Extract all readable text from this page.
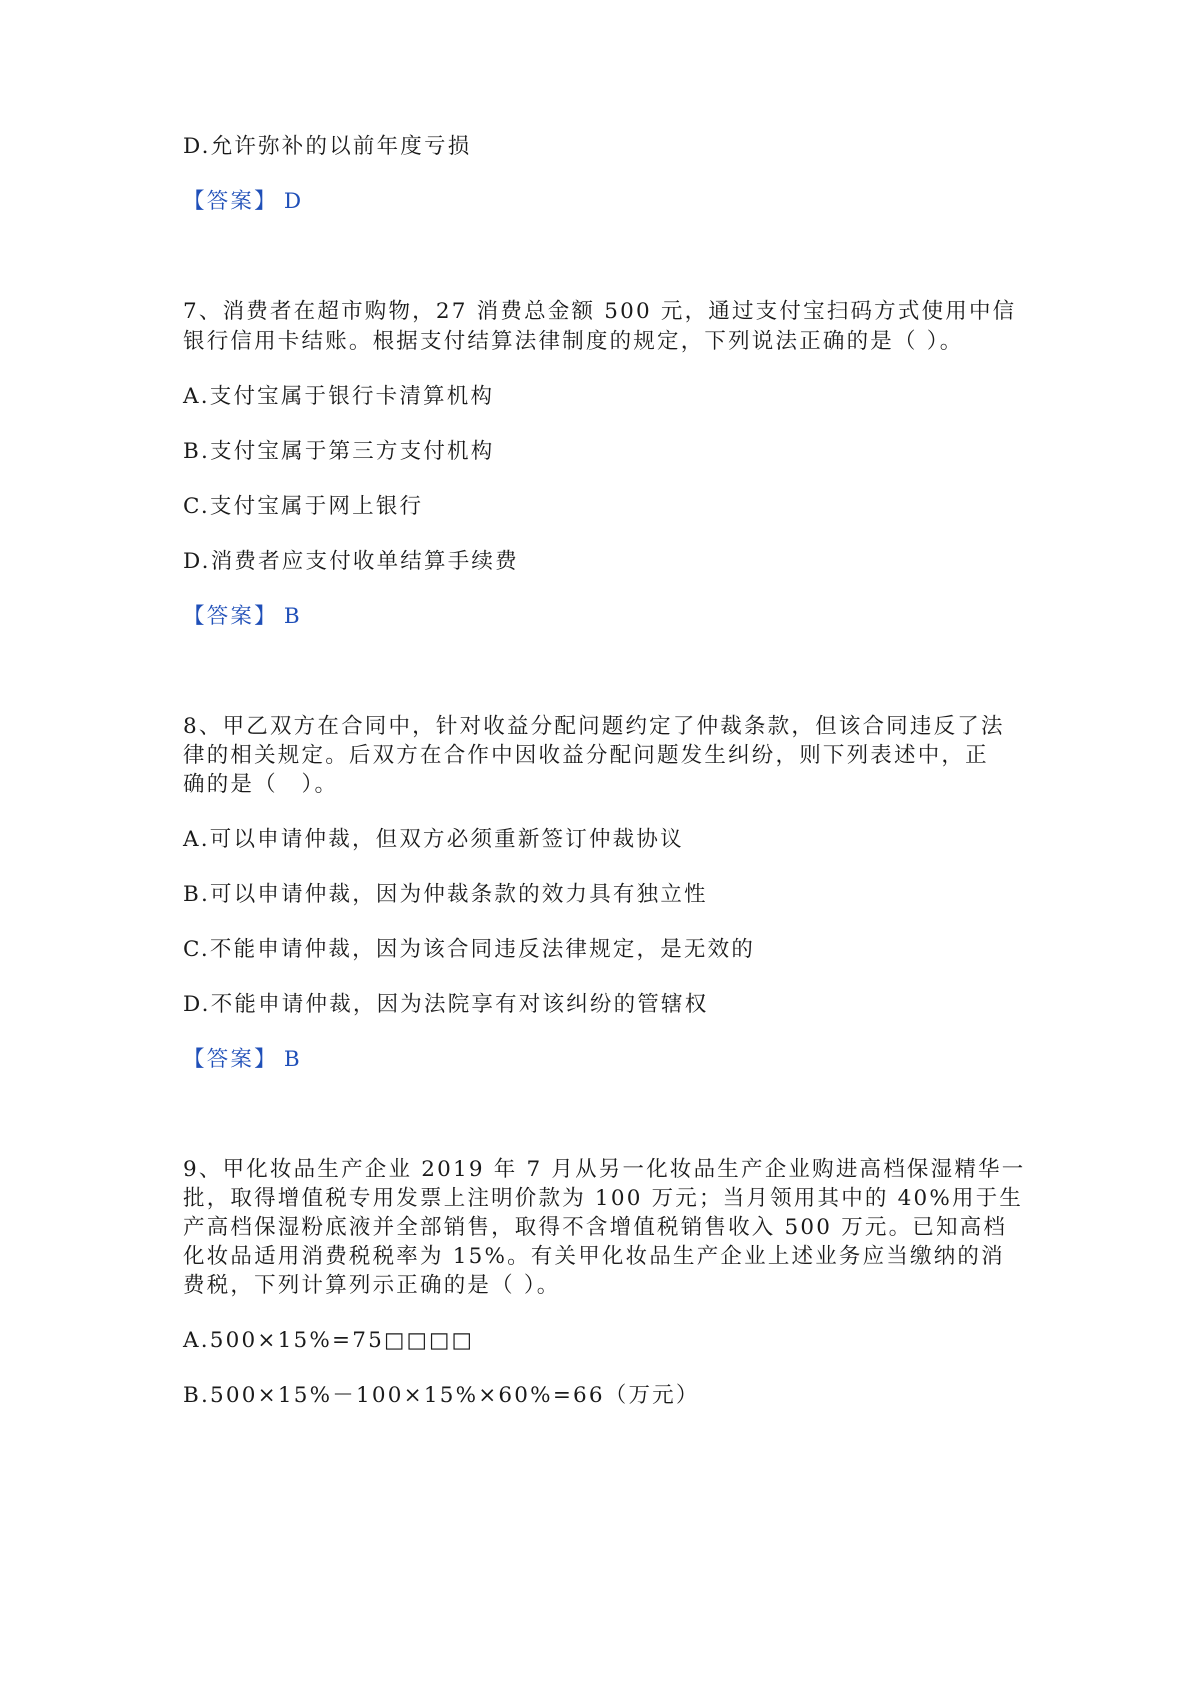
D.允许弥补的以前年度亏损
【答案】 D
7、消费者在超市购物，27 消费总金额 500 元，通过支付宝扫码方式使用中信
银行信用卡结账。根据支付结算法律制度的规定，下列说法正确的是（ ）。
A.支付宝属于银行卡清算机构
B.支付宝属于第三方支付机构
C.支付宝属于网上银行
D.消费者应支付收单结算手续费
【答案】 B
8、甲乙双方在合同中，针对收益分配问题约定了仲裁条款，但该合同违反了法
律的相关规定。后双方在合作中因收益分配问题发生纠纷，则下列表述中，正
确的是（　）。
A.可以申请仲裁，但双方必须重新签订仲裁协议
B.可以申请仲裁，因为仲裁条款的效力具有独立性
C.不能申请仲裁，因为该合同违反法律规定，是无效的
D.不能申请仲裁，因为法院享有对该纠纷的管辖权
【答案】 B
9、甲化妆品生产企业 2019 年 7 月从另一化妆品生产企业购进高档保湿精华一
批，取得增值税专用发票上注明价款为 100 万元；当月领用其中的 40%用于生
产高档保湿粉底液并全部销售，取得不含增值税销售收入 500 万元。已知高档
化妆品适用消费税税率为 15%。有关甲化妆品生产企业上述业务应当缴纳的消
费税，下列计算列示正确的是（ ）。
A.500×15%=75□□□□
B.500×15%－100×15%×60%=66（万元）
